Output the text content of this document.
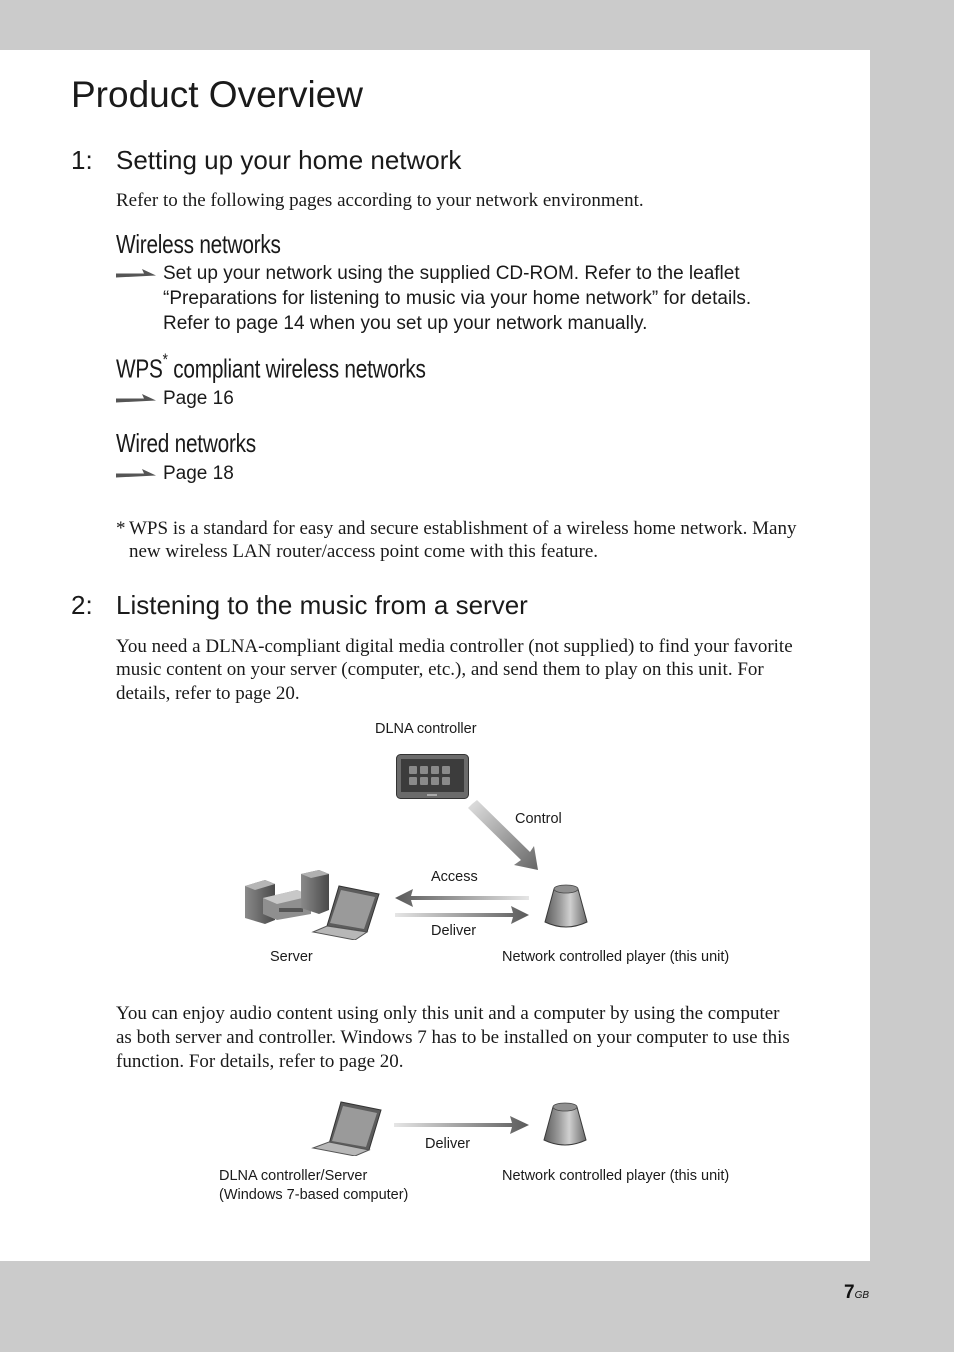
Product Overview
1: Setting up your home network

Refer to the following pages according to your network environment.

Wireless networks

Set up your network using the supplied CD-ROM. Refer to the leaflet

“Preparations for listening to music via your home network” for details.

Refer to page 14 when you set up your network manually.

WPS* compliant wireless networks

Page 16

Wired networks

Page 18

* WPS is a standard for easy and secure establishment of a wireless home network. Many

new wireless LAN router/access point come with this feature.

2: Listening to the music from a server

You need a DLNA-compliant digital media controller (not supplied) to find your favorite

music content on your server (computer, etc.), and send them to play on this unit. For

details, refer to page 20.

DLNA controller
Control
Access
Deliver
Server	Network controlled player (this unit)

You can enjoy audio content using only this unit and a computer by using the computer

as both server and controller. Windows 7 has to be installed on your computer to use this

function. For details, refer to page 20.

Deliver
DLNA controller/Server
(Windows 7-based computer)
Network controlled player (this unit)
7GB
